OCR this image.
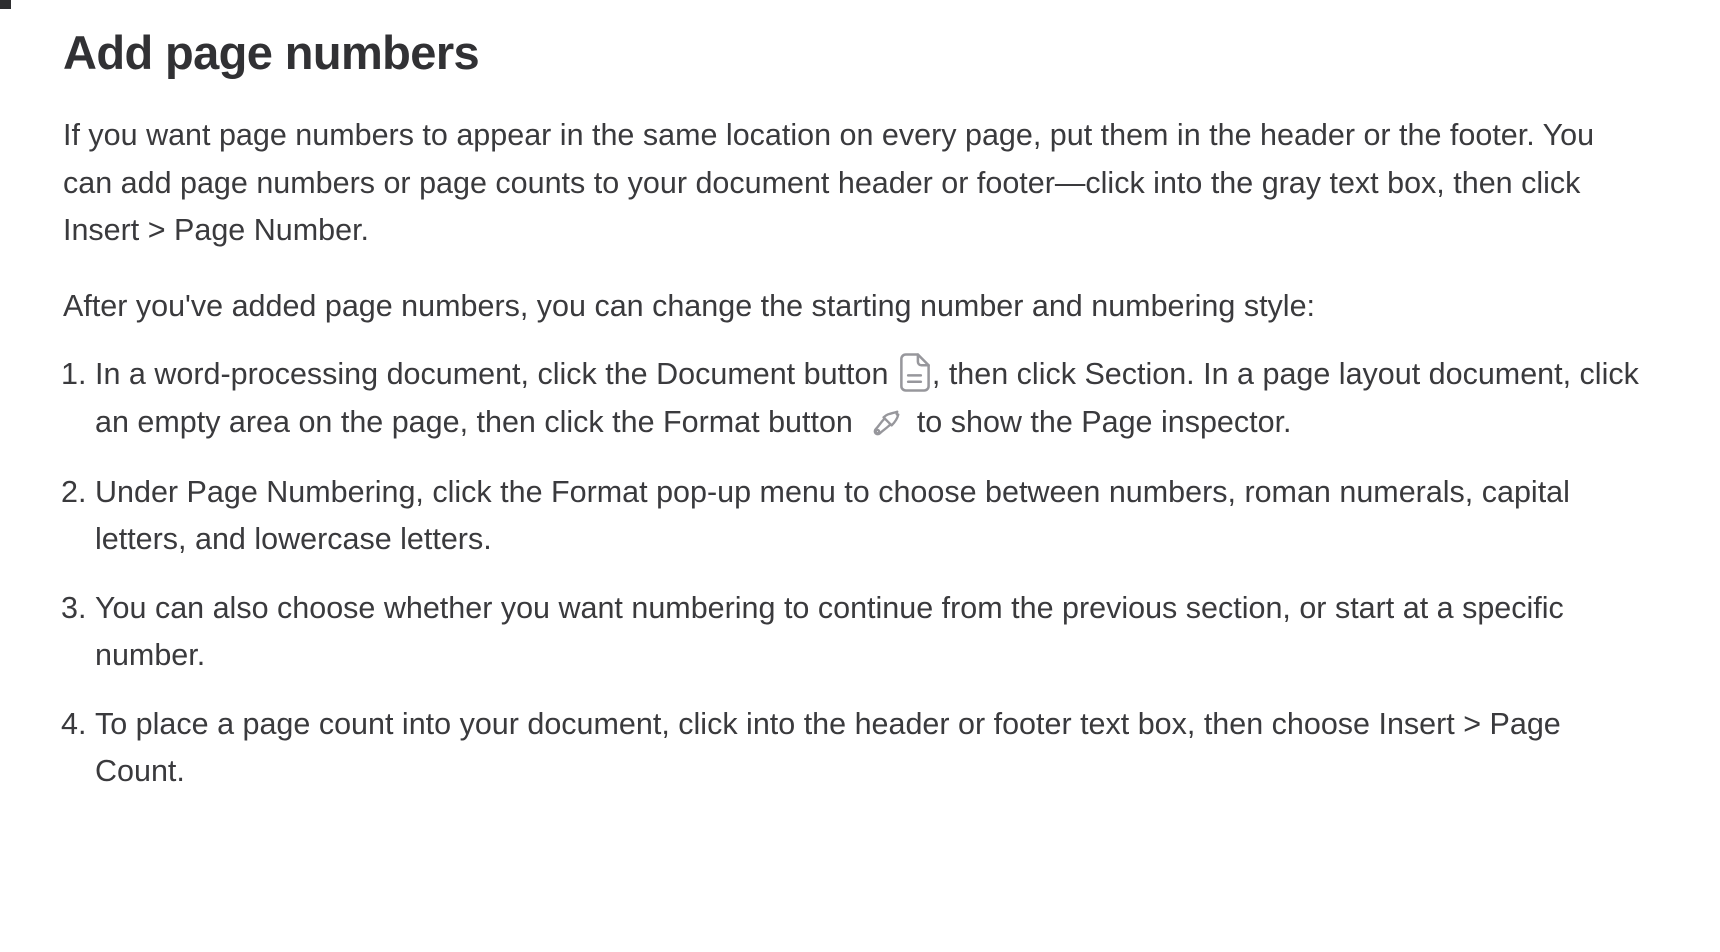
Add page numbers

If you want page numbers to appear in the same location on every page, put them in the header or the footer. You can add page numbers or page counts to your document header or footer—click into the gray text box, then click Insert > Page Number.

After you've added page numbers, you can change the starting number and numbering style:

1. In a word-processing document, click the Document button , then click Section. In a page layout document, click an empty area on the page, then click the Format button  to show the Page inspector.
2. Under Page Numbering, click the Format pop-up menu to choose between numbers, roman numerals, capital letters, and lowercase letters.
3. You can also choose whether you want numbering to continue from the previous section, or start at a specific number.
4. To place a page count into your document, click into the header or footer text box, then choose Insert > Page Count.
